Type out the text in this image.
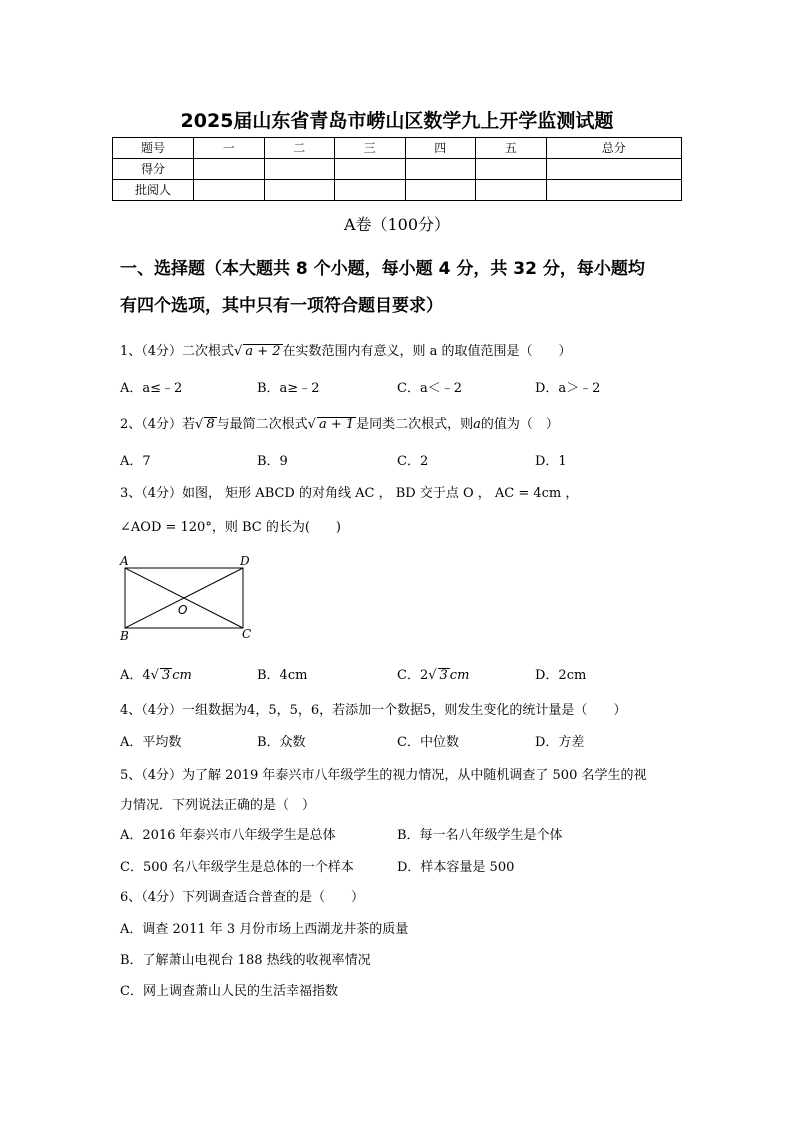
2025届山东省青岛市崂山区数学九上开学监测试题
题号	一	二	三	四	五	总分
得分						
批阅人						
A卷（100分）
一、选择题（本大题共 8 个小题，每小题 4 分，共 32 分，每小题均
有四个选项，其中只有一项符合题目要求）
1、（4分）二次根式√ a + 2 在实数范围内有意义，则 a 的取值范围是（　　）
A．a≤﹣2	B．a≥﹣2	C．a＜﹣2	D．a＞﹣2
2、（4分）若√ 8 与最简二次根式√ a + 1 是同类二次根式，则a的值为（　）
A．7	B．9	C．2	D．1
3、（4分）如图， 矩形 ABCD 的对角线 AC ， BD 交于点 O ， AC = 4cm ，
∠AOD = 120°，则 BC 的长为(　　)
A	D
B	C
O
A．4√ 3 cm	B．4cm	C．2√ 3 cm	D．2cm
4、（4分）一组数据为4，5，5，6，若添加一个数据5，则发生变化的统计量是（　　）
A．平均数	B．众数	C．中位数	D．方差
5、（4分）为了解 2019 年泰兴市八年级学生的视力情况，从中随机调查了 500 名学生的视
力情况．下列说法正确的是（　）
A．2016 年泰兴市八年级学生是总体	B．每一名八年级学生是个体
C．500 名八年级学生是总体的一个样本	D．样本容量是 500
6、（4分）下列调查适合普查的是（　　）
A．调查 2011 年 3 月份市场上西湖龙井茶的质量
B．了解萧山电视台 188 热线的收视率情况
C．网上调查萧山人民的生活幸福指数
